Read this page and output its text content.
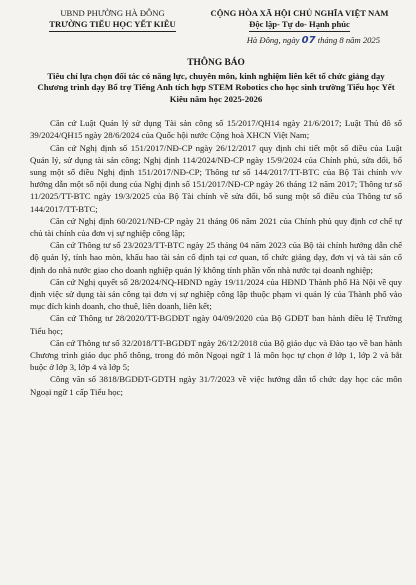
UBND PHƯỜNG HÀ ĐÔNG
TRƯỜNG TIỂU HỌC YẾT KIÊU
CỘNG HÒA XÃ HỘI CHỦ NGHĨA VIỆT NAM
Độc lập- Tự do- Hạnh phúc
Hà Đông, ngày 07 tháng 8 năm 2025
THÔNG BÁO
Tiêu chí lựa chọn đối tác có năng lực, chuyên môn, kinh nghiệm liên kết tổ chức giảng dạy Chương trình dạy Bổ trợ Tiếng Anh tích hợp STEM Robotics cho học sinh trường Tiểu học Yết Kiêu năm học 2025-2026

Căn cứ Luật Quản lý sử dụng Tài sản công số 15/2017/QH14 ngày 21/6/2017; Luật Thủ đô số 39/2024/QH15 ngày 28/6/2024 của Quốc hội nước Cộng hoà XHCN Việt Nam;

Căn cứ Nghị định số 151/2017/NĐ-CP ngày 26/12/2017 quy định chi tiết một số điều của Luật Quản lý, sử dụng tài sản công; Nghị định 114/2024/NĐ-CP ngày 15/9/2024 của Chính phủ, sửa đổi, bổ sung một số điều Nghị định 151/2017/NĐ-CP; Thông tư số 144/2017/TT-BTC của Bộ Tài chính v/v hướng dẫn một số nội dung của Nghị định số 151/2017/NĐ-CP ngày 26 tháng 12 năm 2017; Thông tư số 11/2025/TT-BTC ngày 19/3/2025 của Bộ Tài chính về sửa đổi, bổ sung một số điều của Thông tư số 144/2017/TT-BTC;

Căn cứ Nghị định 60/2021/NĐ-CP ngày 21 tháng 06 năm 2021 của Chính phủ quy định cơ chế tự chủ tài chính của đơn vị sự nghiệp công lập;

Căn cứ Thông tư số 23/2023/TT-BTC ngày 25 tháng 04 năm 2023 của Bộ tài chính hướng dẫn chế độ quản lý, tính hao mòn, khấu hao tài sản cố định tại cơ quan, tổ chức giảng dạy, đơn vị và tài sản cố định do nhà nước giao cho doanh nghiệp quản lý không tính phần vốn nhà nước tại doanh nghiệp;

Căn cứ Nghị quyết số 28/2024/NQ-HĐND ngày 19/11/2024 của HĐND Thành phố Hà Nội về quy định việc sử dụng tài sản công tại đơn vị sự nghiệp công lập thuộc phạm vi quản lý của Thành phố vào mục đích kinh doanh, cho thuê, liên doanh, liên kết;

Căn cứ Thông tư 28/2020/TT-BGDĐT ngày 04/09/2020 của Bộ GDĐT ban hành điều lệ Trường Tiểu học;

Căn cứ Thông tư số 32/2018/TT-BGDĐT ngày 26/12/2018 của Bộ giáo dục và Đào tạo về ban hành Chương trình giáo dục phổ thông, trong đó môn Ngoại ngữ 1 là môn học tự chọn ở lớp 1, lớp 2 và bắt buộc ở lớp 3, lớp 4 và lớp 5;

Công văn số 3818/BGDĐT-GDTH ngày 31/7/2023 về việc hướng dẫn tổ chức dạy học các môn Ngoại ngữ 1 cấp Tiểu học;
